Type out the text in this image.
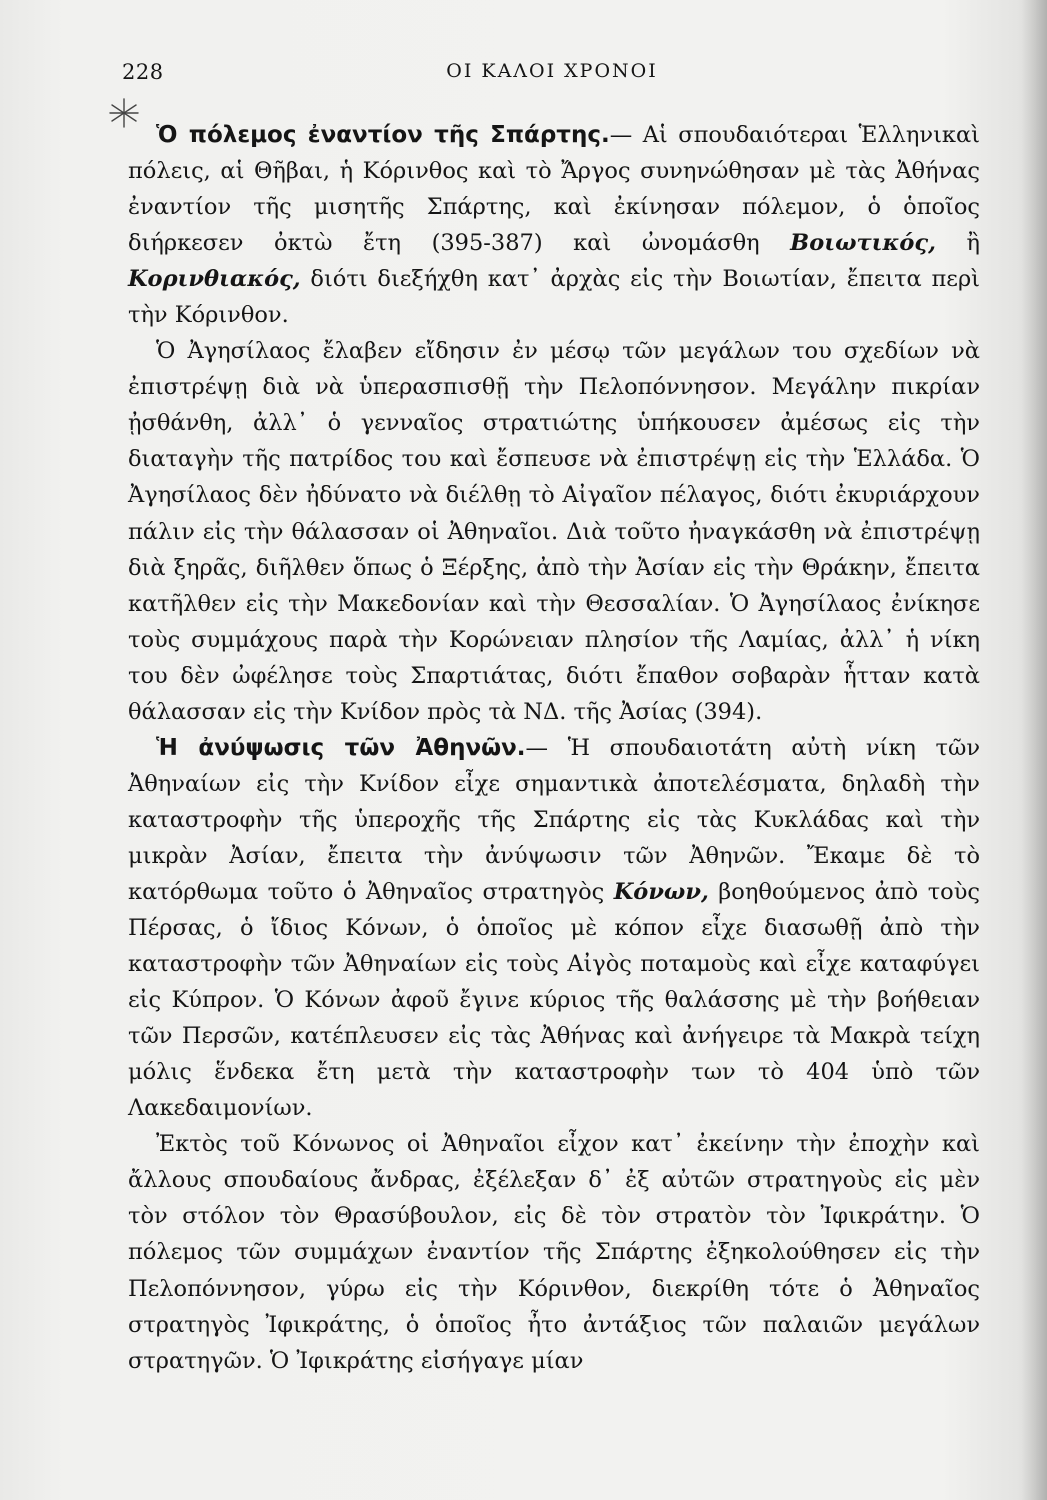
228	ΟΙ ΚΑΛΟΙ ΧΡΟΝΟΙ

Ὁ πόλεμος ἐναντίον τῆς Σπάρτης.— Αἱ σπουδαιότεραι Ἑλληνικαὶ πόλεις, αἱ Θῆβαι, ἡ Κόρινθος καὶ τὸ Ἄργος συνηνώθησαν μὲ τὰς Ἀθήνας ἐναντίον τῆς μισητῆς Σπάρτης, καὶ ἐκίνησαν πόλεμον, ὁ ὁποῖος διήρκεσεν ὀκτὼ ἔτη (395-387) καὶ ὠνομάσθη Βοιωτικός, ἢ Κορινθιακός, διότι διεξήχθη κατ᾽ ἀρχὰς εἰς τὴν Βοιωτίαν, ἔπειτα περὶ τὴν Κόρινθον.

Ὁ Ἀγησίλαος ἔλαβεν εἴδησιν ἐν μέσῳ τῶν μεγάλων του σχεδίων νὰ ἐπιστρέψῃ διὰ νὰ ὑπερασπισθῇ τὴν Πελοπόννησον. Μεγάλην πικρίαν ᾐσθάνθη, ἀλλ᾽ ὁ γενναῖος στρατιώτης ὑπήκουσεν ἀμέσως εἰς τὴν διαταγὴν τῆς πατρίδος του καὶ ἔσπευσε νὰ ἐπιστρέψῃ εἰς τὴν Ἑλλάδα. Ὁ Ἀγησίλαος δὲν ἠδύνατο νὰ διέλθῃ τὸ Αἰγαῖον πέλαγος, διότι ἐκυριάρχουν πάλιν εἰς τὴν θάλασσαν οἱ Ἀθηναῖοι. Διὰ τοῦτο ἠναγκάσθη νὰ ἐπιστρέψῃ διὰ ξηρᾶς, διῆλθεν ὅπως ὁ Ξέρξης, ἀπὸ τὴν Ἀσίαν εἰς τὴν Θράκην, ἔπειτα κατῆλθεν εἰς τὴν Μακεδονίαν καὶ τὴν Θεσσαλίαν. Ὁ Ἀγησίλαος ἐνίκησε τοὺς συμμάχους παρὰ τὴν Κορώνειαν πλησίον τῆς Λαμίας, ἀλλ᾽ ἡ νίκη του δὲν ὠφέλησε τοὺς Σπαρτιάτας, διότι ἔπαθον σοβαρὰν ἧτταν κατὰ θάλασσαν εἰς τὴν Κνίδον πρὸς τὰ ΝΔ. τῆς Ἀσίας (394).

Ἡ ἀνύψωσις τῶν Ἀθηνῶν.— Ἡ σπουδαιοτάτη αὐτὴ νίκη τῶν Ἀθηναίων εἰς τὴν Κνίδον εἶχε σημαντικὰ ἀποτελέσματα, δηλαδὴ τὴν καταστροφὴν τῆς ὑπεροχῆς τῆς Σπάρτης εἰς τὰς Κυκλάδας καὶ τὴν μικρὰν Ἀσίαν, ἔπειτα τὴν ἀνύψωσιν τῶν Ἀθηνῶν. Ἔκαμε δὲ τὸ κατόρθωμα τοῦτο ὁ Ἀθηναῖος στρατηγὸς Κόνων, βοηθούμενος ἀπὸ τοὺς Πέρσας, ὁ ἴδιος Κόνων, ὁ ὁποῖος μὲ κόπον εἶχε διασωθῇ ἀπὸ τὴν καταστροφὴν τῶν Ἀθηναίων εἰς τοὺς Αἰγὸς ποταμοὺς καὶ εἶχε καταφύγει εἰς Κύπρον. Ὁ Κόνων ἀφοῦ ἔγινε κύριος τῆς θαλάσσης μὲ τὴν βοήθειαν τῶν Περσῶν, κατέπλευσεν εἰς τὰς Ἀθήνας καὶ ἀνήγειρε τὰ Μακρὰ τείχη μόλις ἕνδεκα ἔτη μετὰ τὴν καταστροφὴν των τὸ 404 ὑπὸ τῶν Λακεδαιμονίων.

Ἐκτὸς τοῦ Κόνωνος οἱ Ἀθηναῖοι εἶχον κατ᾽ ἐκείνην τὴν ἐποχὴν καὶ ἄλλους σπουδαίους ἄνδρας, ἐξέλεξαν δ᾽ ἐξ αὐτῶν στρατηγοὺς εἰς μὲν τὸν στόλον τὸν Θρασύβουλον, εἰς δὲ τὸν στρατὸν τὸν Ἰφικράτην. Ὁ πόλεμος τῶν συμμάχων ἐναντίον τῆς Σπάρτης ἐξηκολούθησεν εἰς τὴν Πελοπόννησον, γύρω εἰς τὴν Κόρινθον, διεκρίθη τότε ὁ Ἀθηναῖος στρατηγὸς Ἰφικράτης, ὁ ὁποῖος ἦτο ἀντάξιος τῶν παλαιῶν μεγάλων στρατηγῶν. Ὁ Ἰφικράτης εἰσήγαγε μίαν
